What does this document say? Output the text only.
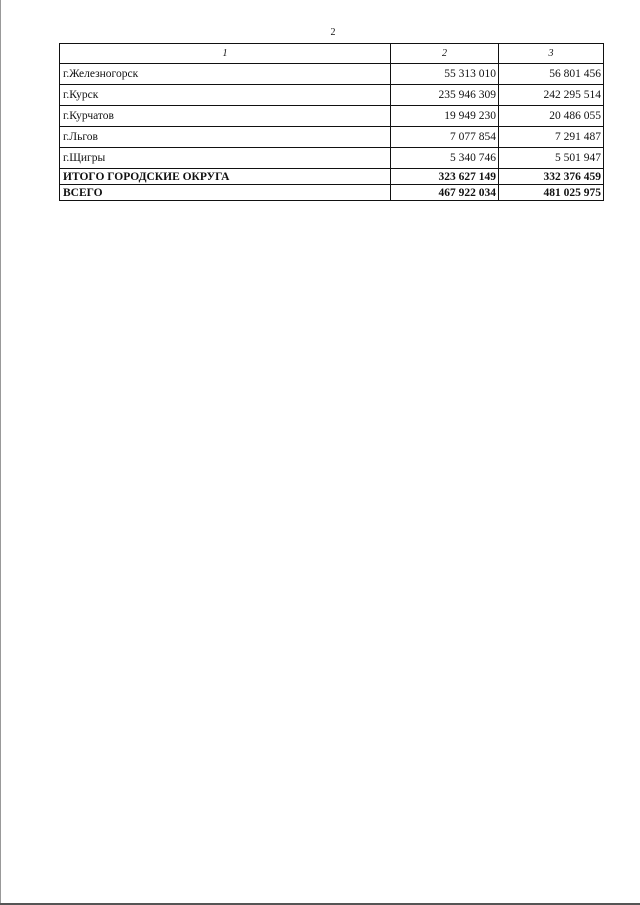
2
1	2	3
г.Железногорск	55 313 010	56 801 456
г.Курск	235 946 309	242 295 514
г.Курчатов	19 949 230	20 486 055
г.Льгов	7 077 854	7 291 487
г.Щигры	5 340 746	5 501 947
ИТОГО ГОРОДСКИЕ ОКРУГА	323 627 149	332 376 459
ВСЕГО	467 922 034	481 025 975
